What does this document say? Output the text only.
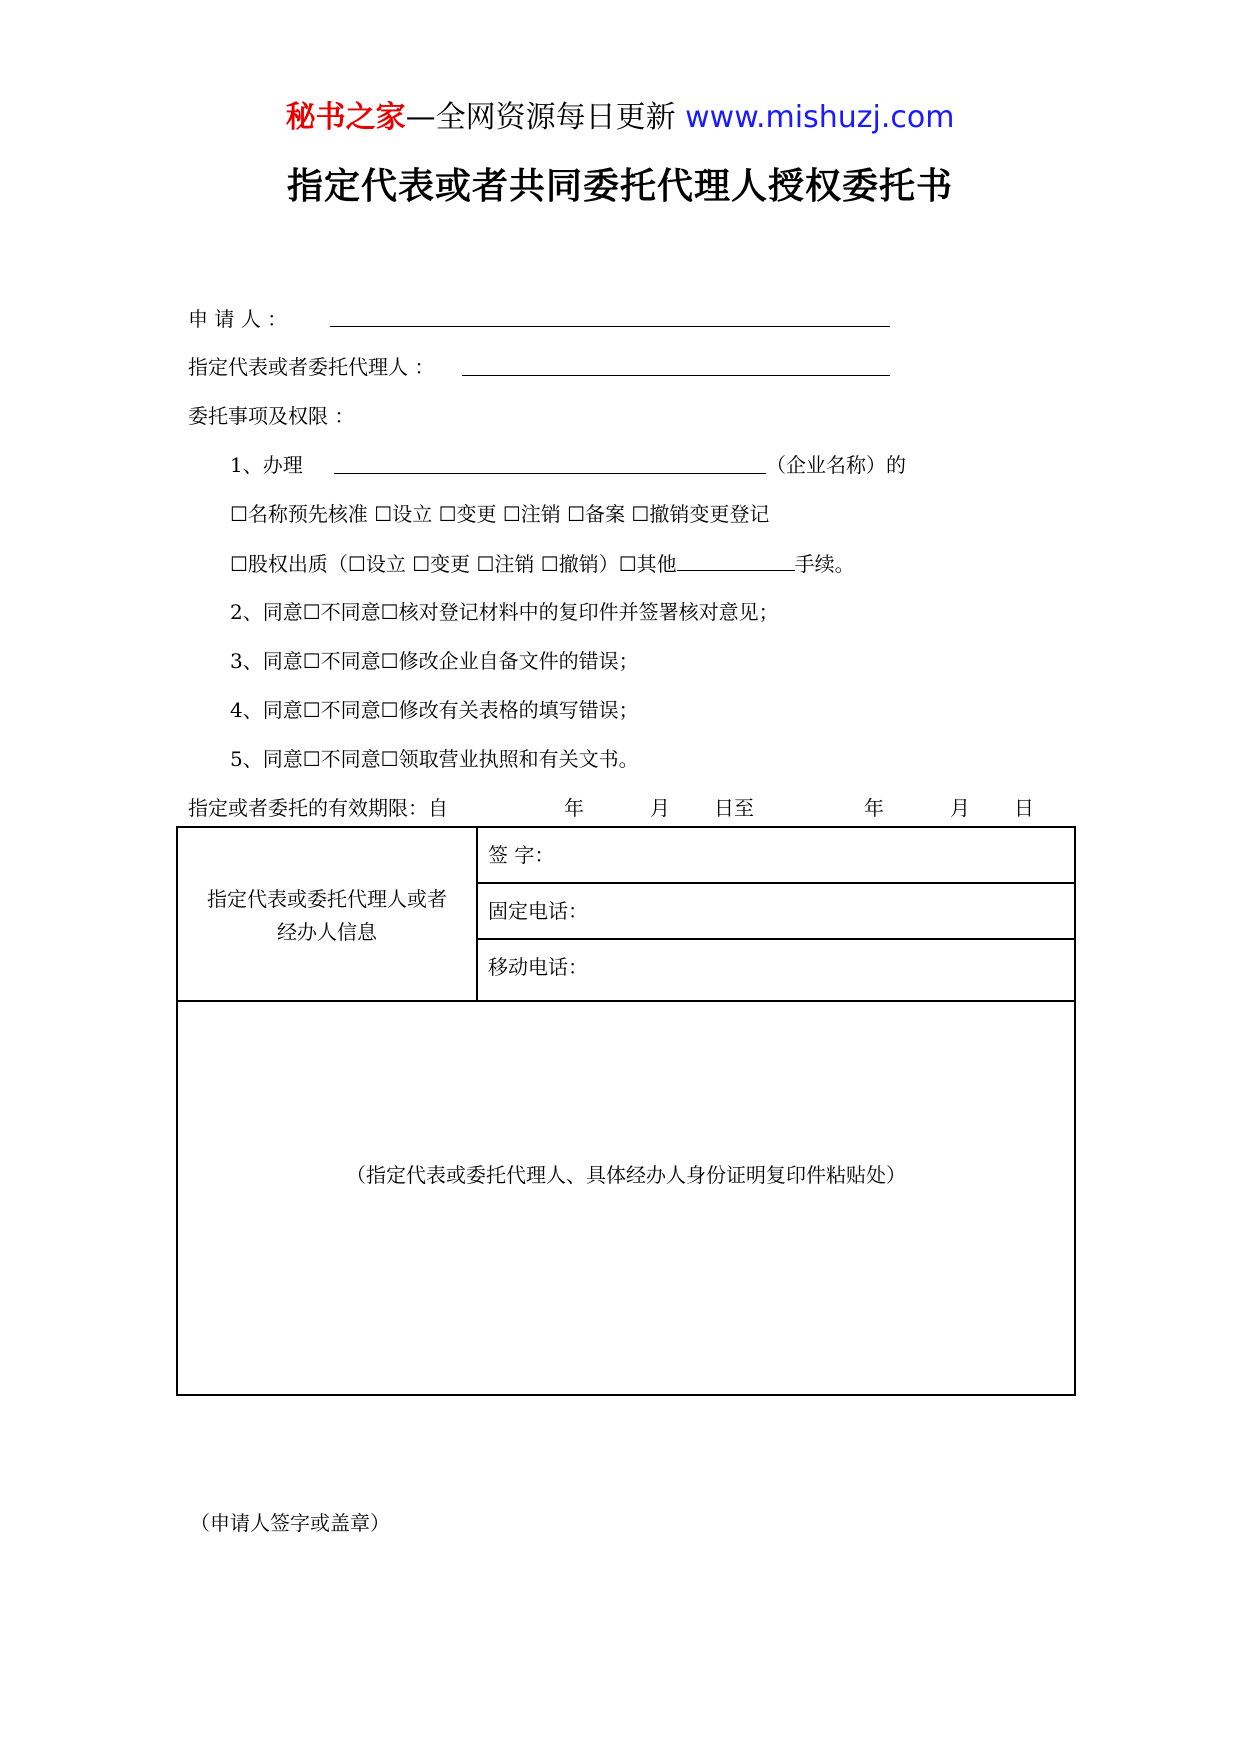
秘书之家—全网资源每日更新 www.mishuzj.com
指定代表或者共同委托代理人授权委托书
申 请 人 ：
指定代表或者委托代理人 ：
委托事项及权限 ：
1、办理	（企业名称）的
☐名称预先核准 ☐设立 ☐变更 ☐注销 ☐备案 ☐撤销变更登记
☐股权出质（☐设立 ☐变更 ☐注销 ☐撤销）☐其他	手续。
2、同意☐不同意☐核对登记材料中的复印件并签署核对意见；
3、同意☐不同意☐修改企业自备文件的错误；
4、同意☐不同意☐修改有关表格的填写错误；
5、同意☐不同意☐领取营业执照和有关文书。
指定或者委托的有效期限：自	年	月 日至	年	月 日
指定代表或委托代理人或者
经办人信息
签 字：
固定电话：
移动电话：
（指定代表或委托代理人、具体经办人身份证明复印件粘贴处）
（申请人签字或盖章）
